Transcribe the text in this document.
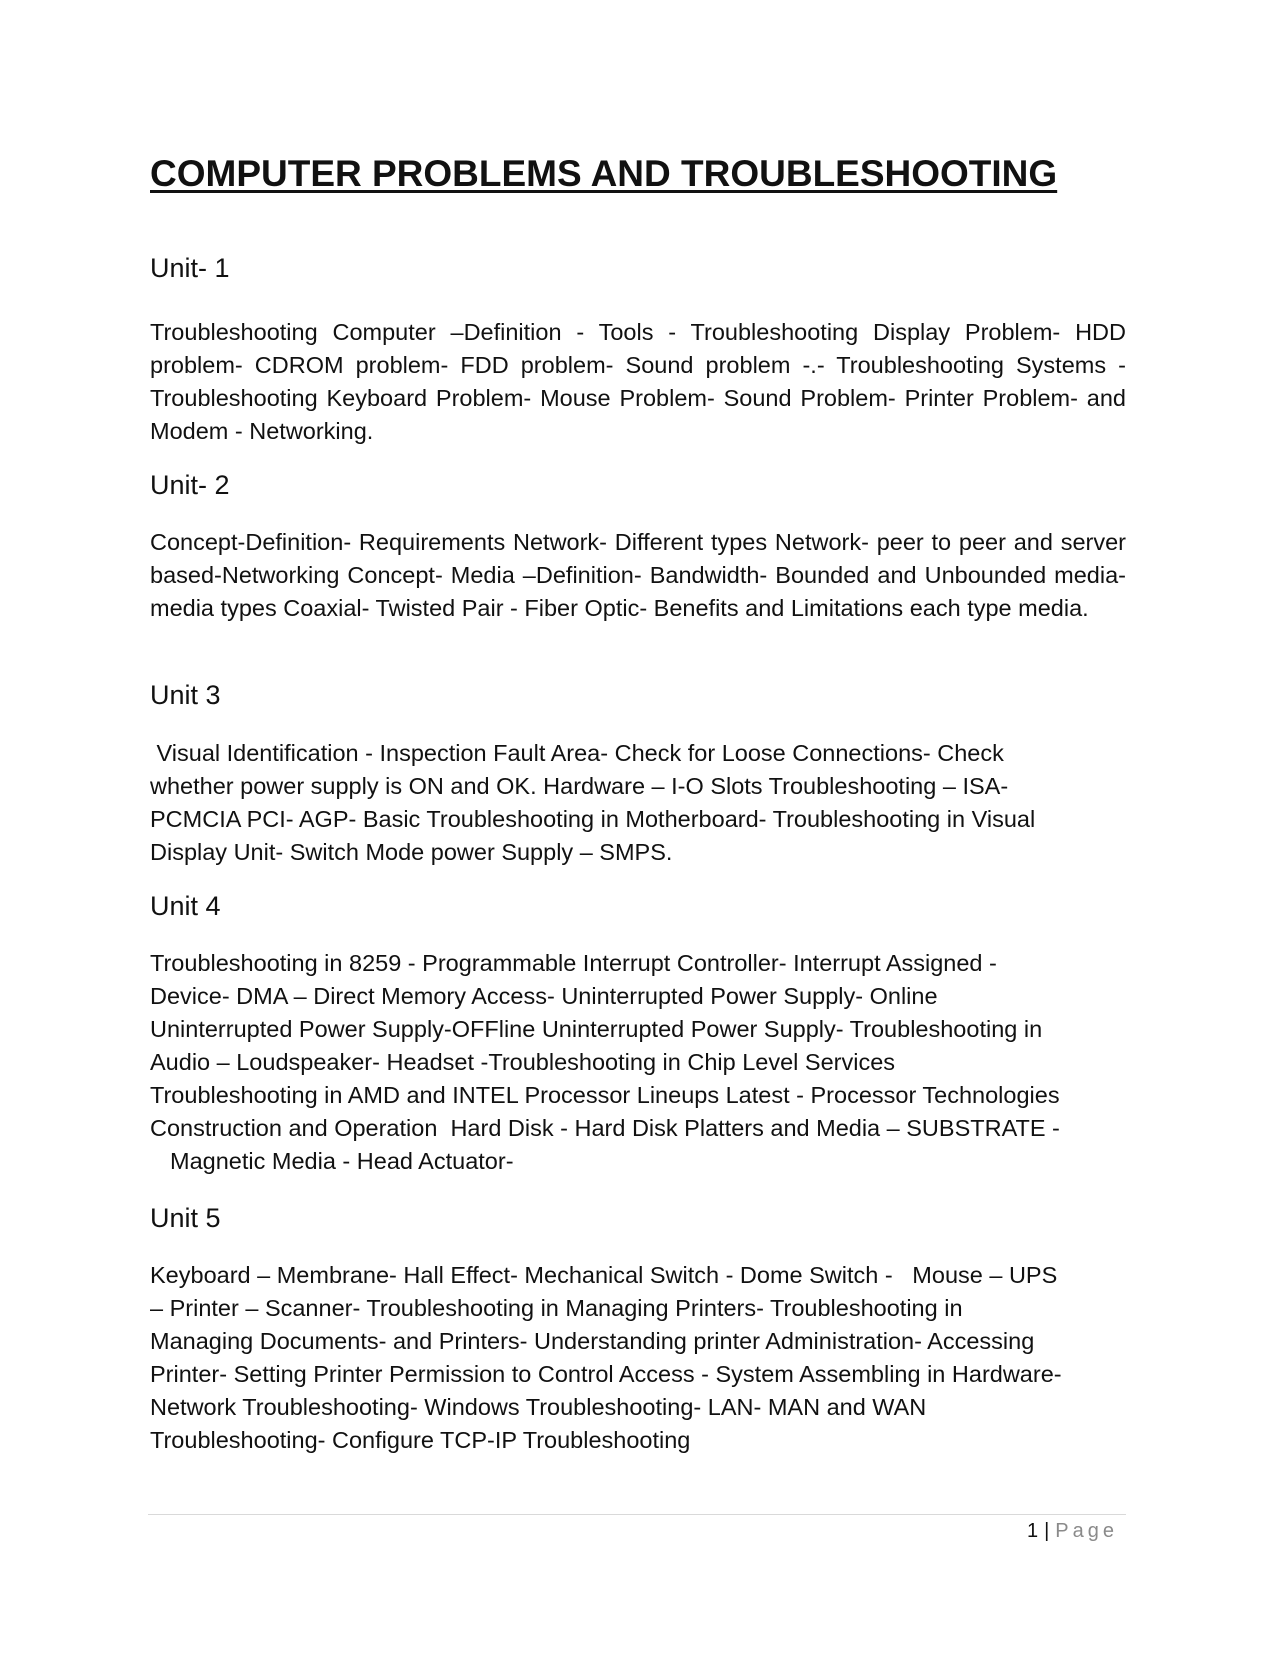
COMPUTER PROBLEMS AND TROUBLESHOOTING
Unit- 1

Troubleshooting Computer –Definition - Tools - Troubleshooting Display Problem- HDD problem- CDROM problem- FDD problem- Sound problem -.- Troubleshooting Systems -Troubleshooting Keyboard Problem- Mouse Problem- Sound Problem- Printer Problem- and Modem - Networking.

Unit- 2

Concept-Definition- Requirements Network- Different types Network- peer to peer and server based-Networking Concept- Media –Definition- Bandwidth- Bounded and Unbounded media- media types Coaxial- Twisted Pair - Fiber Optic- Benefits and Limitations each type media.

Unit 3
Visual Identification - Inspection Fault Area- Check for Loose Connections- Check
whether power supply is ON and OK. Hardware – I-O Slots Troubleshooting – ISA-
PCMCIA PCI- AGP- Basic Troubleshooting in Motherboard- Troubleshooting in Visual
Display Unit- Switch Mode power Supply – SMPS.
Unit 4
Troubleshooting in 8259 - Programmable Interrupt Controller- Interrupt Assigned -
Device- DMA – Direct Memory Access- Uninterrupted Power Supply- Online
Uninterrupted Power Supply-OFFline Uninterrupted Power Supply- Troubleshooting in
Audio – Loudspeaker- Headset -Troubleshooting in Chip Level Services
Troubleshooting in AMD and INTEL Processor Lineups Latest - Processor Technologies
Construction and Operation  Hard Disk - Hard Disk Platters and Media – SUBSTRATE -
Magnetic Media - Head Actuator-
Unit 5
Keyboard – Membrane- Hall Effect- Mechanical Switch - Dome Switch -   Mouse – UPS
– Printer – Scanner- Troubleshooting in Managing Printers- Troubleshooting in
Managing Documents- and Printers- Understanding printer Administration- Accessing
Printer- Setting Printer Permission to Control Access - System Assembling in Hardware-
Network Troubleshooting- Windows Troubleshooting- LAN- MAN and WAN
Troubleshooting- Configure TCP-IP Troubleshooting
1 | Page
